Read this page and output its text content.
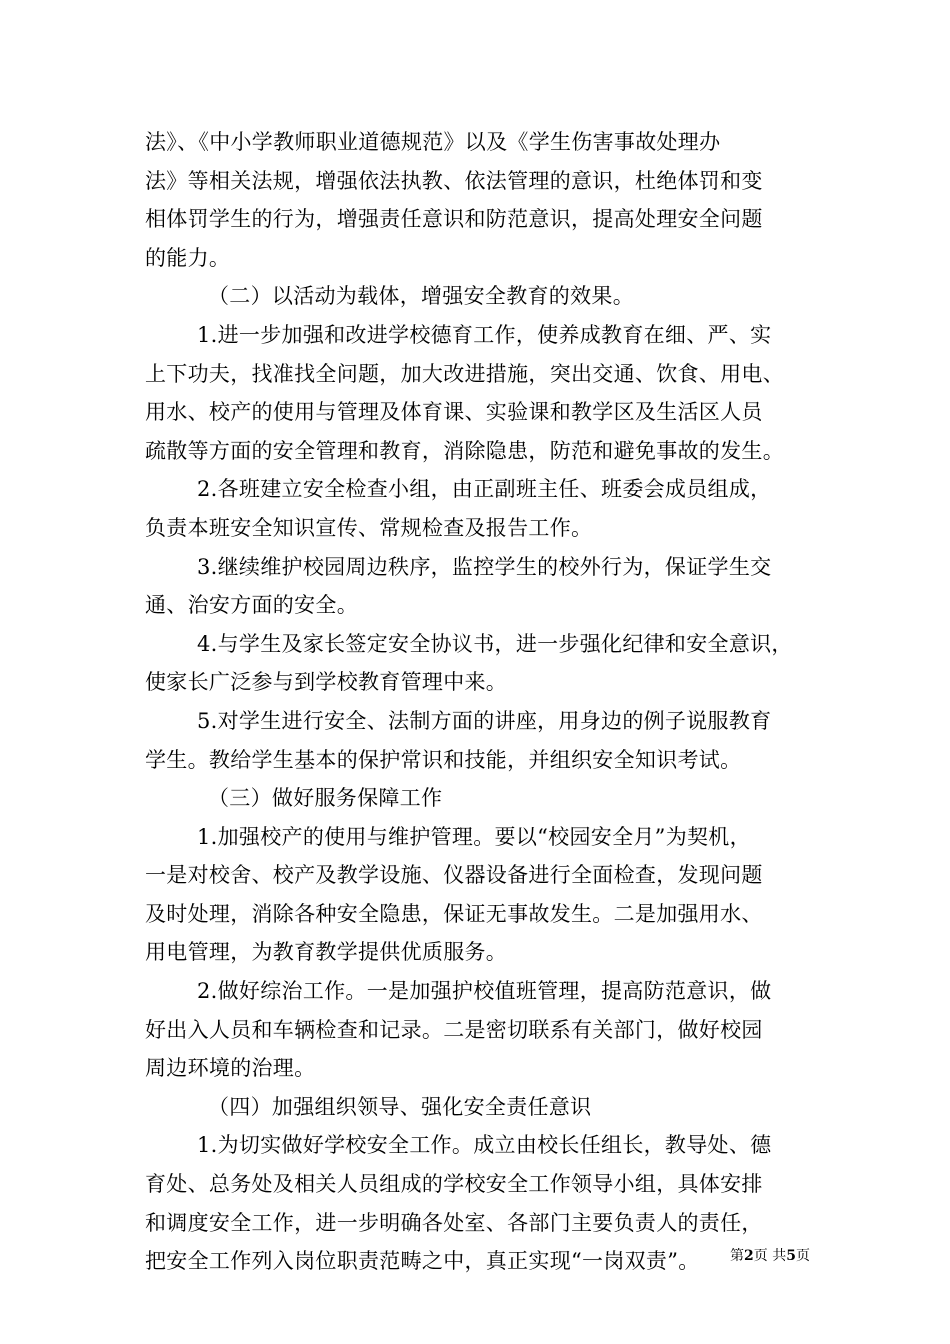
法》、《中小学教师职业道德规范》以及《学生伤害事故处理办
法》等相关法规，增强依法执教、依法管理的意识，杜绝体罚和变
相体罚学生的行为，增强责任意识和防范意识，提高处理安全问题
的能力。
（二）以活动为载体，增强安全教育的效果。
1.进一步加强和改进学校德育工作，使养成教育在细、严、实
上下功夫，找准找全问题，加大改进措施，突出交通、饮食、用电、
用水、校产的使用与管理及体育课、实验课和教学区及生活区人员
疏散等方面的安全管理和教育，消除隐患，防范和避免事故的发生。
2.各班建立安全检查小组，由正副班主任、班委会成员组成，
负责本班安全知识宣传、常规检查及报告工作。
3.继续维护校园周边秩序，监控学生的校外行为，保证学生交
通、治安方面的安全。
4.与学生及家长签定安全协议书，进一步强化纪律和安全意识，
使家长广泛参与到学校教育管理中来。
5.对学生进行安全、法制方面的讲座，用身边的例子说服教育
学生。教给学生基本的保护常识和技能，并组织安全知识考试。
（三）做好服务保障工作
1.加强校产的使用与维护管理。要以“校园安全月”为契机，
一是对校舍、校产及教学设施、仪器设备进行全面检查，发现问题
及时处理，消除各种安全隐患，保证无事故发生。二是加强用水、
用电管理，为教育教学提供优质服务。
2.做好综治工作。一是加强护校值班管理，提高防范意识，做
好出入人员和车辆检查和记录。二是密切联系有关部门，做好校园
周边环境的治理。
（四）加强组织领导、强化安全责任意识
1.为切实做好学校安全工作。成立由校长任组长，教导处、德
育处、总务处及相关人员组成的学校安全工作领导小组，具体安排
和调度安全工作，进一步明确各处室、各部门主要负责人的责任，
把安全工作列入岗位职责范畴之中，真正实现“一岗双责”。	第2页 共5页
